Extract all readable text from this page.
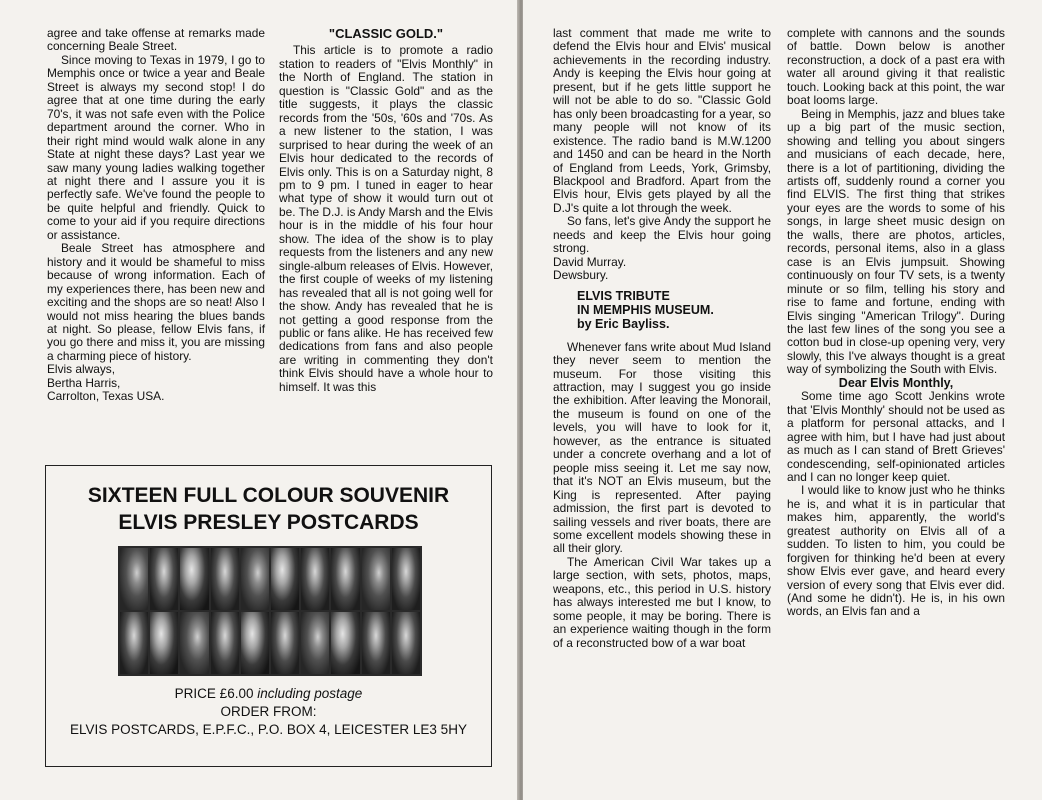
agree and take offense at remarks made concerning Beale Street.

Since moving to Texas in 1979, I go to Memphis once or twice a year and Beale Street is always my second stop! I do agree that at one time during the early 70's, it was not safe even with the Police department around the corner. Who in their right mind would walk alone in any State at night these days? Last year we saw many young ladies walking together at night there and I assure you it is perfectly safe. We've found the people to be quite helpful and friendly. Quick to come to your aid if you require directions or assistance.

Beale Street has atmosphere and history and it would be shameful to miss because of wrong information. Each of my experiences there, has been new and exciting and the shops are so neat! Also I would not miss hearing the blues bands at night. So please, fellow Elvis fans, if you go there and miss it, you are missing a charming piece of history.

Elvis always,

Bertha Harris,

Carrolton, Texas USA.

"CLASSIC GOLD."

This article is to promote a radio station to readers of "Elvis Monthly" in the North of England. The station in question is "Classic Gold" and as the title suggests, it plays the classic records from the '50s, '60s and '70s. As a new listener to the station, I was surprised to hear during the week of an Elvis hour dedicated to the records of Elvis only. This is on a Saturday night, 8 pm to 9 pm. I tuned in eager to hear what type of show it would turn out ot be. The D.J. is Andy Marsh and the Elvis hour is in the middle of his four hour show. The idea of the show is to play requests from the listeners and any new single-album releases of Elvis. However, the first couple of weeks of my listening has revealed that all is not going well for the show. Andy has revealed that he is not getting a good response from the public or fans alike. He has received few dedications from fans and also people are writing in commenting they don't think Elvis should have a whole hour to himself. It was this

SIXTEEN FULL COLOUR SOUVENIR
ELVIS PRESLEY POSTCARDS
PRICE £6.00 including postage
ORDER FROM:
ELVIS POSTCARDS, E.P.F.C., P.O. BOX 4, LEICESTER LE3 5HY

last comment that made me write to defend the Elvis hour and Elvis' musical achievements in the recording industry. Andy is keeping the Elvis hour going at present, but if he gets little support he will not be able to do so. "Classic Gold has only been broadcasting for a year, so many people will not know of its existence. The radio band is M.W.1200 and 1450 and can be heard in the North of England from Leeds, York, Grimsby, Blackpool and Bradford. Apart from the Elvis hour, Elvis gets played by all the D.J's quite a lot through the week.

So fans, let's give Andy the support he needs and keep the Elvis hour going strong.

David Murray.

Dewsbury.

ELVIS TRIBUTE
IN MEMPHIS MUSEUM.
by Eric Bayliss.

Whenever fans write about Mud Island they never seem to mention the museum. For those visiting this attraction, may I suggest you go inside the exhibition. After leaving the Monorail, the museum is found on one of the levels, you will have to look for it, however, as the entrance is situated under a concrete overhang and a lot of people miss seeing it. Let me say now, that it's NOT an Elvis museum, but the King is represented. After paying admission, the first part is devoted to sailing vessels and river boats, there are some excellent models showing these in all their glory.

The American Civil War takes up a large section, with sets, photos, maps, weapons, etc., this period in U.S. history has always interested me but I know, to some people, it may be boring. There is an experience waiting though in the form of a reconstructed bow of a war boat

complete with cannons and the sounds of battle. Down below is another reconstruction, a dock of a past era with water all around giving it that realistic touch. Looking back at this point, the war boat looms large.

Being in Memphis, jazz and blues take up a big part of the music section, showing and telling you about singers and musicians of each decade, here, there is a lot of partitioning, dividing the artists off, suddenly round a corner you find ELVIS. The first thing that strikes your eyes are the words to some of his songs, in large sheet music design on the walls, there are photos, articles, records, personal items, also in a glass case is an Elvis jumpsuit. Showing continuously on four TV sets, is a twenty minute or so film, telling his story and rise to fame and fortune, ending with Elvis singing "American Trilogy". During the last few lines of the song you see a cotton bud in close-up opening very, very slowly, this I've always thought is a great way of symbolizing the South with Elvis.

Dear Elvis Monthly,

Some time ago Scott Jenkins wrote that 'Elvis Monthly' should not be used as a platform for personal attacks, and I agree with him, but I have had just about as much as I can stand of Brett Grieves' condescending, self-opinionated articles and I can no longer keep quiet.

I would like to know just who he thinks he is, and what it is in particular that makes him, apparently, the world's greatest authority on Elvis all of a sudden. To listen to him, you could be forgiven for thinking he'd been at every show Elvis ever gave, and heard every version of every song that Elvis ever did. (And some he didn't). He is, in his own words, an Elvis fan and a
